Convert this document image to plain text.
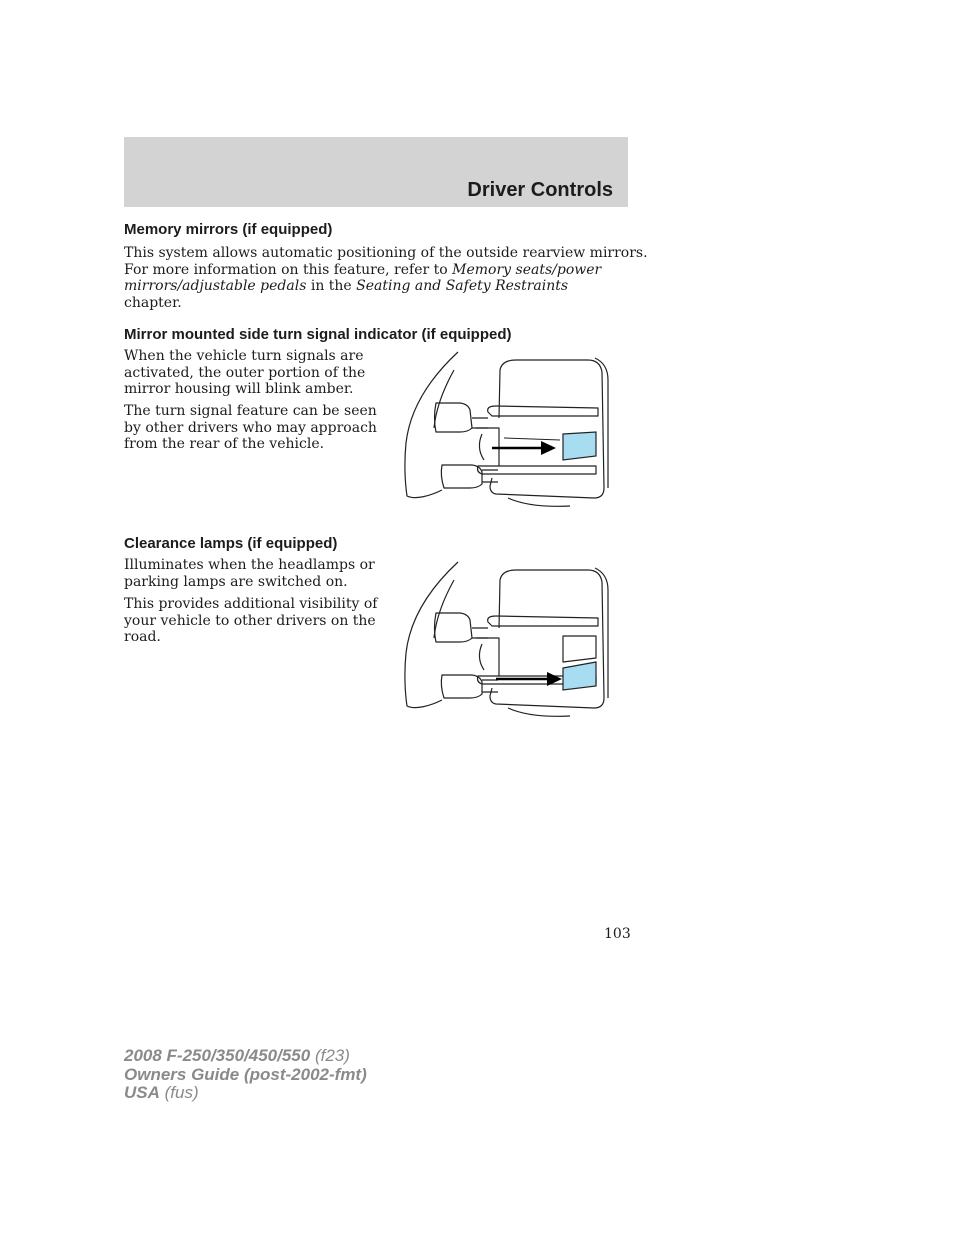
Driver Controls
Memory mirrors (if equipped)
This system allows automatic positioning of the outside rearview mirrors.
For more information on this feature, refer to Memory seats/power
mirrors/adjustable pedals in the Seating and Safety Restraints
chapter.
Mirror mounted side turn signal indicator (if equipped)
When the vehicle turn signals are
activated, the outer portion of the
mirror housing will blink amber.
The turn signal feature can be seen
by other drivers who may approach
from the rear of the vehicle.
Clearance lamps (if equipped)
Illuminates when the headlamps or
parking lamps are switched on.
This provides additional visibility of
your vehicle to other drivers on the
road.
103
2008 F-250/350/450/550 (f23)
Owners Guide (post-2002-fmt)
USA (fus)
